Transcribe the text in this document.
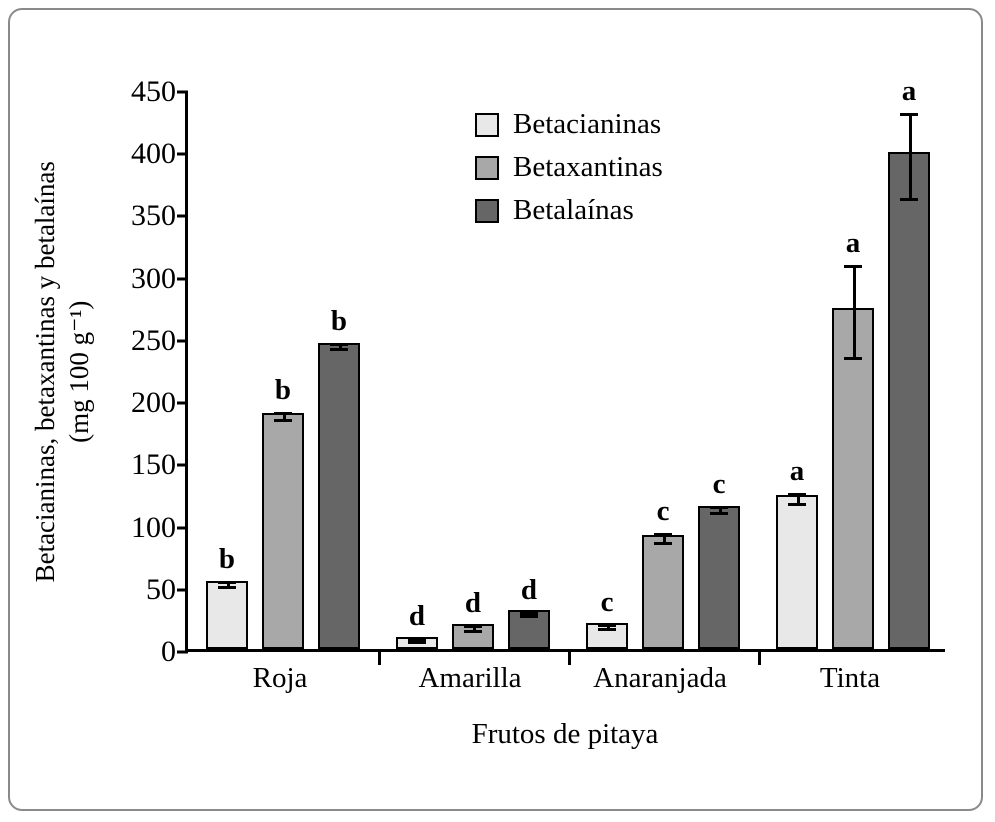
Betacianinas, betaxantinas y betalaínas (mg 100 g⁻¹)
0
50
100
150
200
250
300
350
400
450
b
b
b
d d d c
c
c a
a
a
Frutos de pitaya
Betacianinas
Betaxantinas
Betalaínas
Roja	Amarilla	Anaranjada	Tinta
